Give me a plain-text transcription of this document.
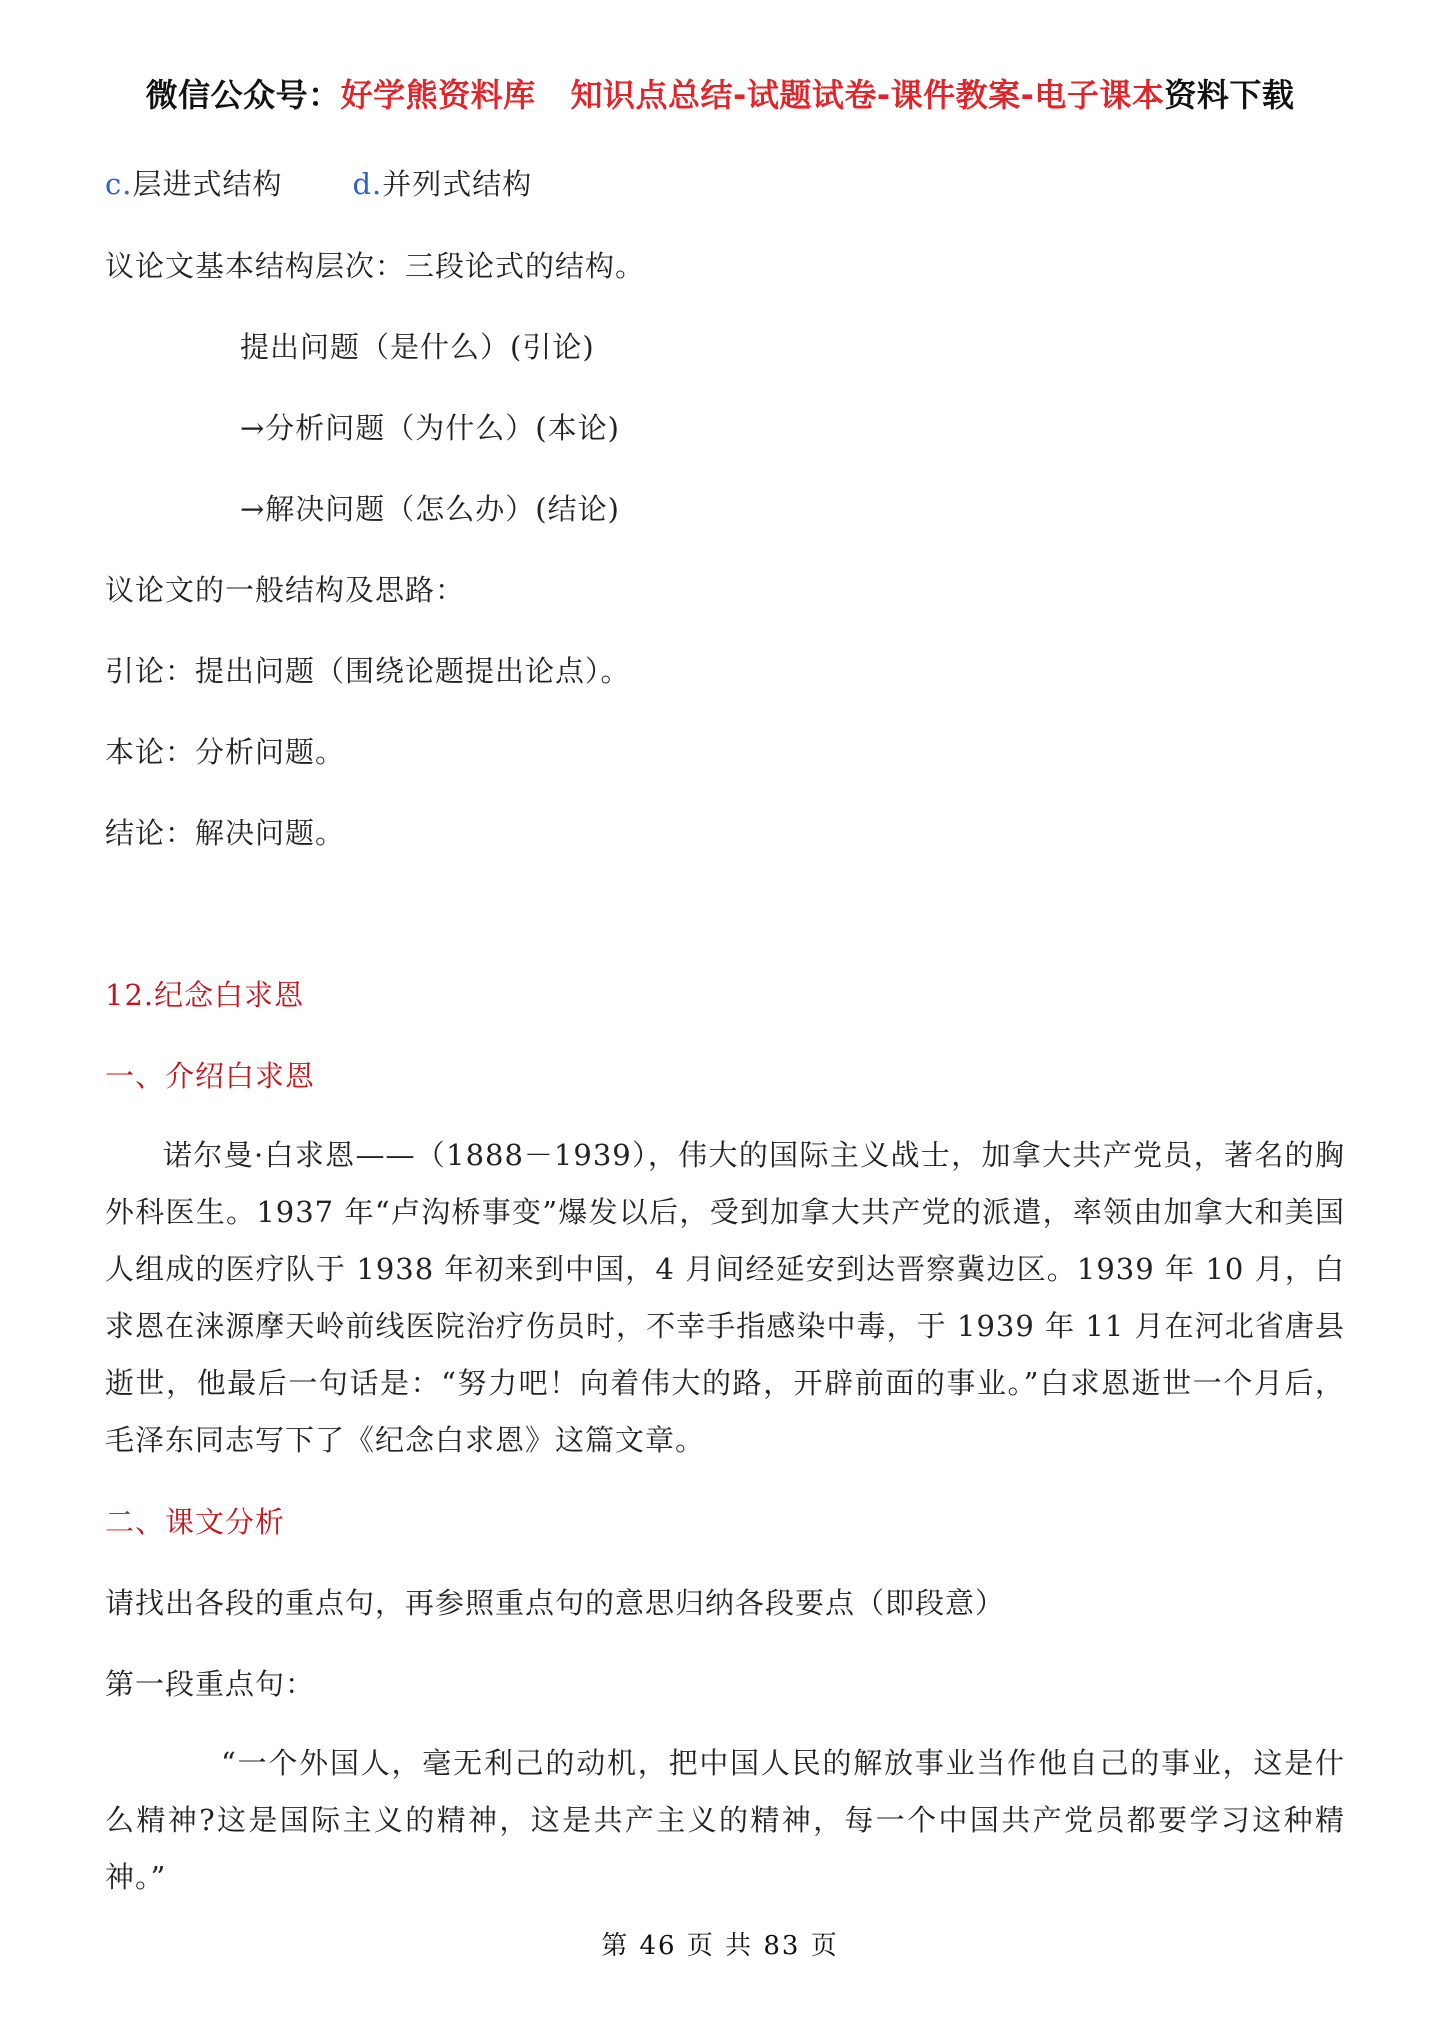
微信公众号：好学熊资料库 知识点总结-试题试卷-课件教案-电子课本资料下载
c.层进式结构 d.并列式结构
议论文基本结构层次：三段论式的结构。
提出问题（是什么）(引论)
→分析问题（为什么）(本论)
→解决问题（怎么办）(结论)
议论文的一般结构及思路：
引论：提出问题（围绕论题提出论点）。
本论：分析问题。
结论：解决问题。
12.纪念白求恩
一、介绍白求恩
诺尔曼·白求恩——（1888－1939），伟大的国际主义战士，加拿大共产党员，著名的胸外科医生。1937 年“卢沟桥事变”爆发以后，受到加拿大共产党的派遣，率领由加拿大和美国人组成的医疗队于 1938 年初来到中国，4 月间经延安到达晋察冀边区。1939 年 10 月，白求恩在涞源摩天岭前线医院治疗伤员时，不幸手指感染中毒，于 1939 年 11 月在河北省唐县逝世，他最后一句话是：“努力吧！向着伟大的路，开辟前面的事业。”白求恩逝世一个月后，毛泽东同志写下了《纪念白求恩》这篇文章。
二、课文分析
请找出各段的重点句，再参照重点句的意思归纳各段要点（即段意）
第一段重点句：
“一个外国人，毫无利己的动机，把中国人民的解放事业当作他自己的事业，这是什么精神?这是国际主义的精神，这是共产主义的精神，每一个中国共产党员都要学习这种精神。”
第 46 页 共 83 页
